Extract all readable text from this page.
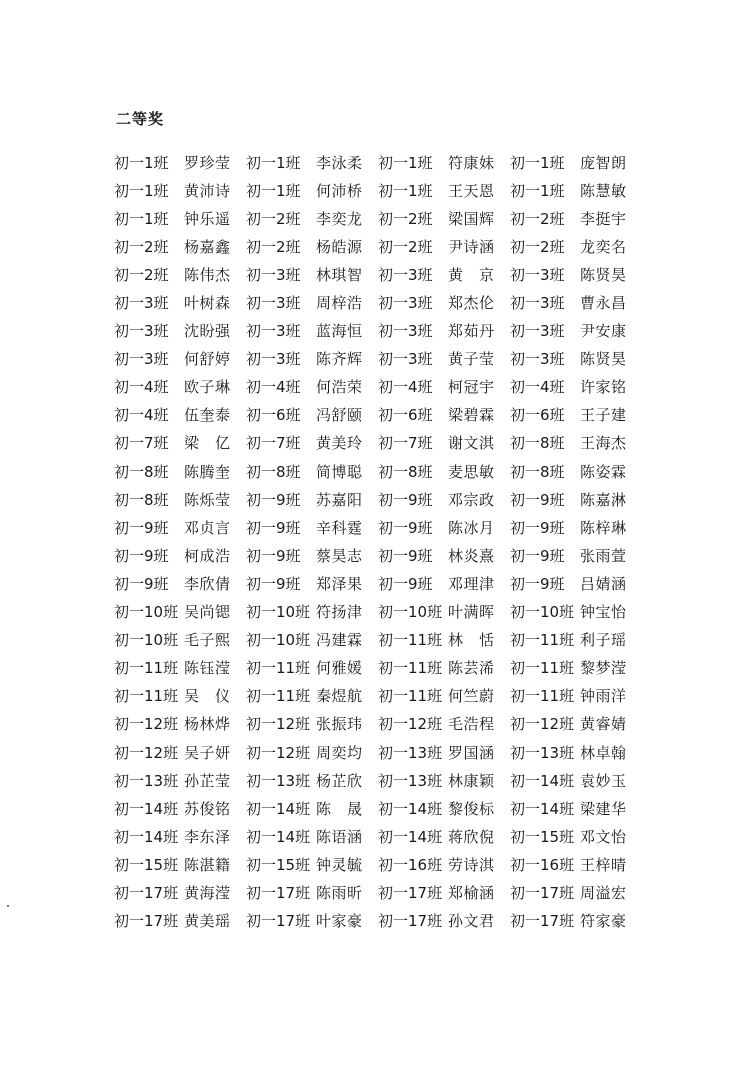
二等奖
初一1班	罗珍莹 初一1班	李泳柔 初一1班	符康妹 初一1班	庞智朗
初一1班	黄沛诗 初一1班	何沛桥 初一1班	王天恩 初一1班	陈慧敏
初一1班	钟乐遥 初一2班	李奕龙 初一2班	梁国辉 初一2班	李挺宇
初一2班	杨嘉鑫 初一2班	杨皓源 初一2班	尹诗涵 初一2班	龙奕名
初一2班	陈伟杰 初一3班	林琪智 初一3班	黄　京 初一3班	陈贤昊
初一3班	叶树森 初一3班	周梓浩 初一3班	郑杰伦 初一3班	曹永昌
初一3班	沈盼强 初一3班	蓝海恒 初一3班	郑茹丹 初一3班	尹安康
初一3班	何舒婷 初一3班	陈齐辉 初一3班	黄子莹 初一3班	陈贤昊
初一4班	欧子琳 初一4班	何浩荣 初一4班	柯冠宇 初一4班	许家铭
初一4班	伍奎泰 初一6班	冯舒颐 初一6班	梁碧霖 初一6班	王子建
初一7班	梁　亿 初一7班	黄美玲 初一7班	谢文淇 初一8班	王海杰
初一8班	陈腾奎 初一8班	简博聪 初一8班	麦思敏 初一8班	陈姿霖
初一8班	陈烁莹 初一9班	苏嘉阳 初一9班	邓宗政 初一9班	陈嘉淋
初一9班	邓贞言 初一9班	辛科霆 初一9班	陈冰月 初一9班	陈梓琳
初一9班	柯成浩 初一9班	蔡昊志 初一9班	林炎熹 初一9班	张雨萱
初一9班	李欣倩 初一9班	郑泽果 初一9班	邓理津 初一9班	吕婧涵
初一10班 吴尚锶 初一10班 符扬津 初一10班 叶满晖 初一10班 钟宝怡
初一10班 毛子熙 初一10班 冯建霖 初一11班 林　恬 初一11班 利子瑶
初一11班 陈钰滢 初一11班 何雅媛 初一11班 陈芸浠 初一11班 黎梦滢
初一11班 吴　仪 初一11班 秦煜航 初一11班 何竺蔚 初一11班 钟雨洋
初一12班 杨林烨 初一12班 张振玮 初一12班 毛浩程 初一12班 黄睿婧
初一12班 吴子妍 初一12班 周奕均 初一13班 罗国涵 初一13班 林卓翰
初一13班 孙芷莹 初一13班 杨芷欣 初一13班 林康颖 初一14班 袁妙玉
初一14班 苏俊铭 初一14班 陈　晟 初一14班 黎俊标 初一14班 梁建华
初一14班 李东泽 初一14班 陈语涵 初一14班 蒋欣倪 初一15班 邓文怡
初一15班 陈湛籍 初一15班 钟灵毓 初一16班 劳诗淇 初一16班 王梓晴
初一17班 黄海滢 初一17班 陈雨昕 初一17班 郑榆涵 初一17班 周溢宏
初一17班 黄美瑶 初一17班 叶家豪 初一17班 孙文君 初一17班 符家豪
